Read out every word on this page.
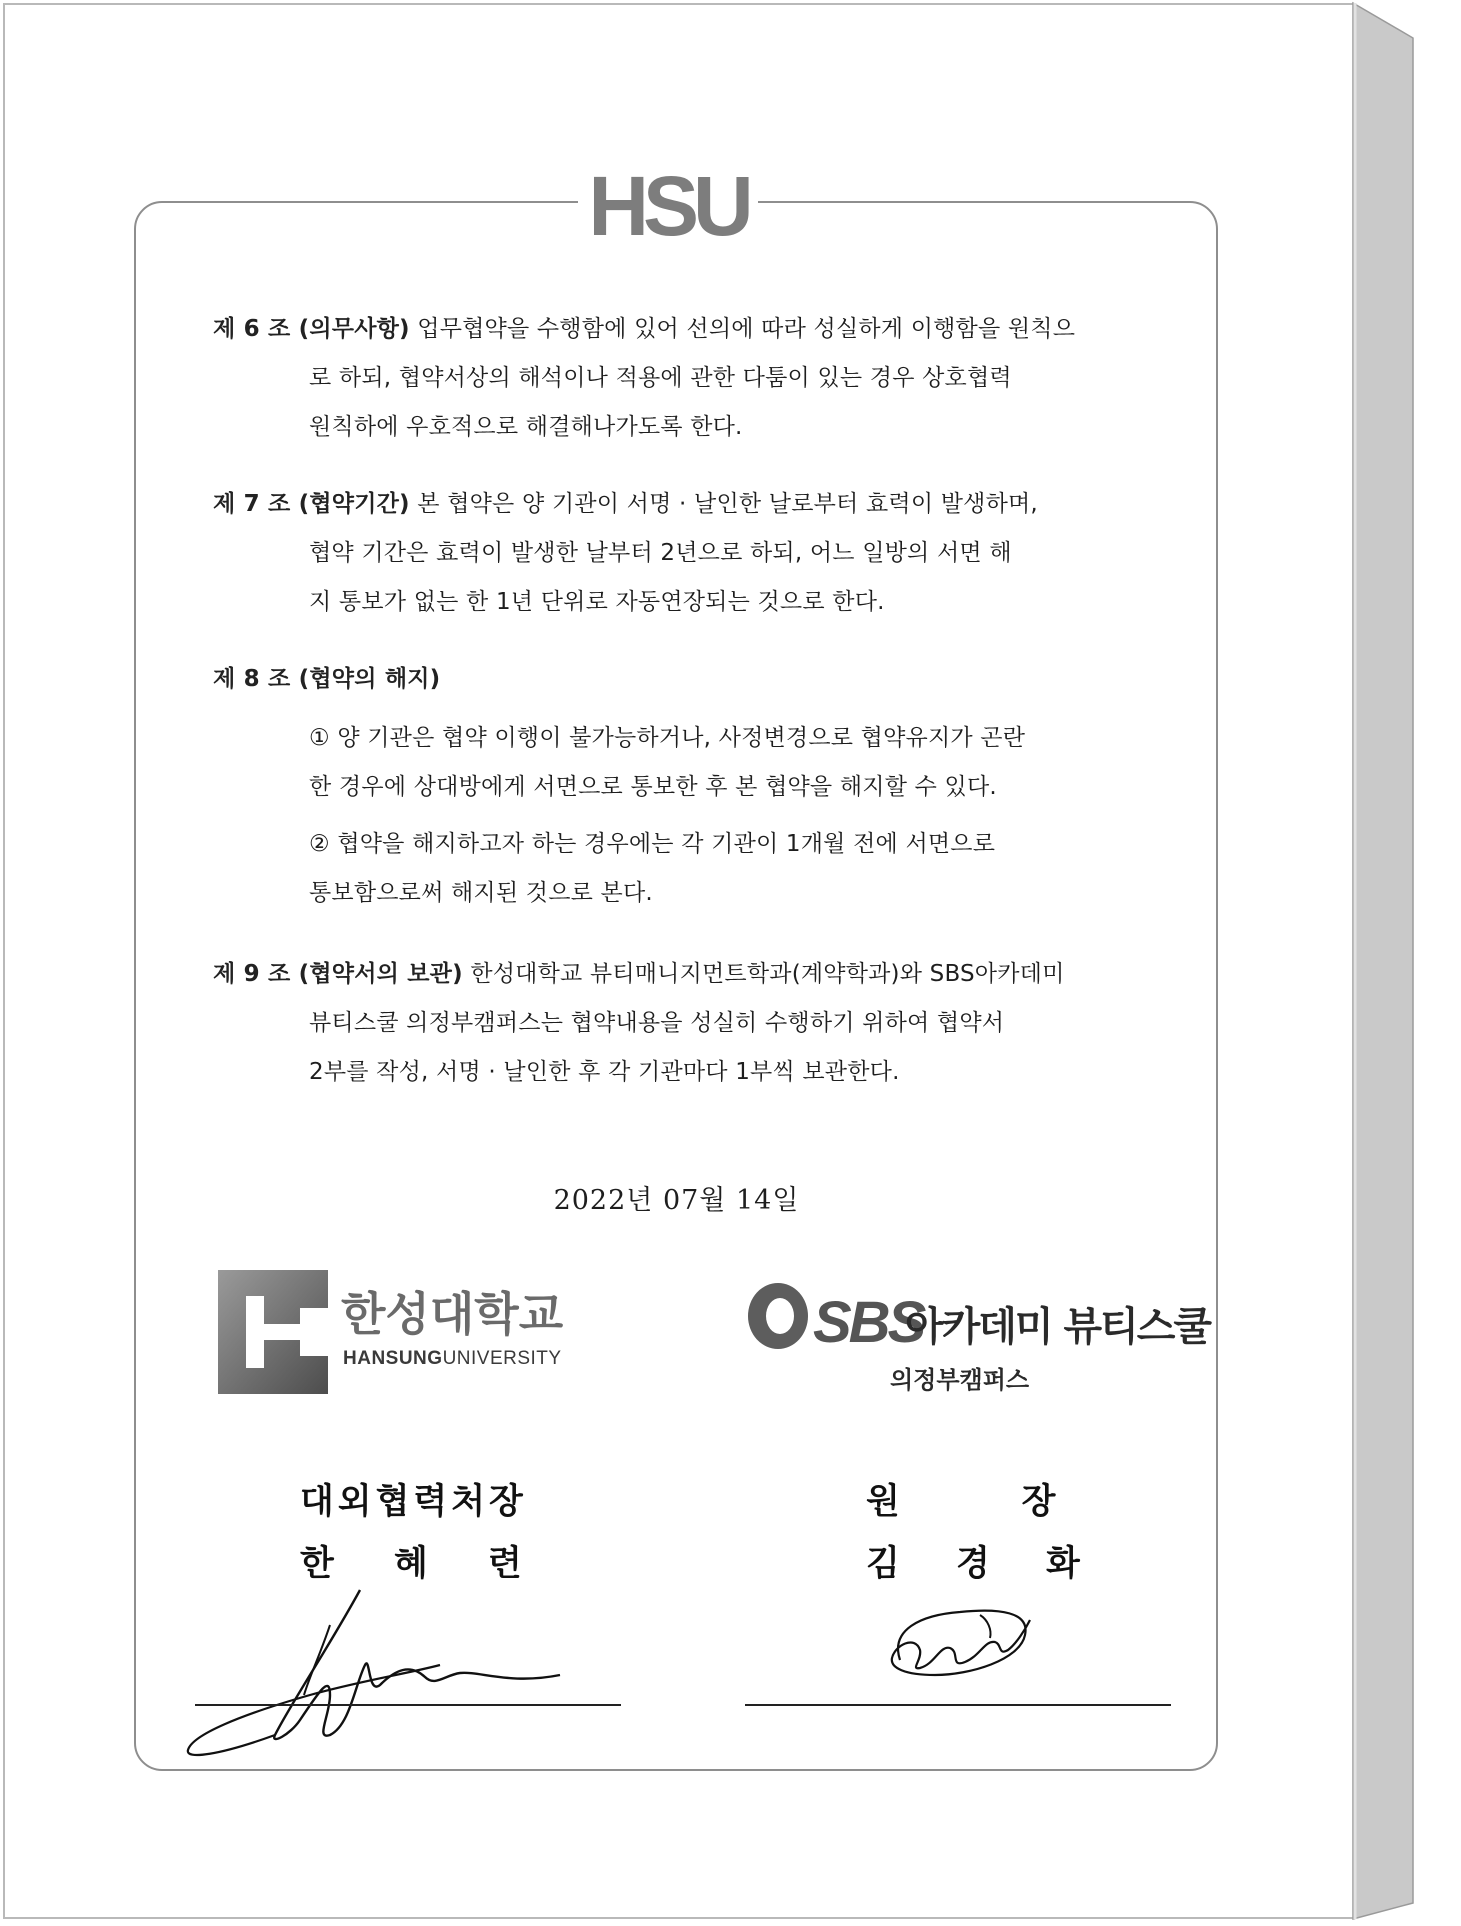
HSU
제 6 조 (의무사항) 업무협약을 수행함에 있어 선의에 따라 성실하게 이행함을 원칙으
로 하되, 협약서상의 해석이나 적용에 관한 다툼이 있는 경우 상호협력
원칙하에 우호적으로 해결해나가도록 한다.
제 7 조 (협약기간) 본 협약은 양 기관이 서명 · 날인한 날로부터 효력이 발생하며,
협약 기간은 효력이 발생한 날부터 2년으로 하되, 어느 일방의 서면 해
지 통보가 없는 한 1년 단위로 자동연장되는 것으로 한다.
제 8 조 (협약의 해지)
① 양 기관은 협약 이행이 불가능하거나, 사정변경으로 협약유지가 곤란
한 경우에 상대방에게 서면으로 통보한 후 본 협약을 해지할 수 있다.
② 협약을 해지하고자 하는 경우에는 각 기관이 1개월 전에 서면으로
통보함으로써 해지된 것으로 본다.
제 9 조 (협약서의 보관) 한성대학교 뷰티매니지먼트학과(계약학과)와 SBS아카데미
뷰티스쿨 의정부캠퍼스는 협약내용을 성실히 수행하기 위하여 협약서
2부를 작성, 서명 · 날인한 후 각 기관마다 1부씩 보관한다.
2022년 07월 14일
한성대학교
HANSUNGUNIVERSITY
SBS
아카데미 뷰티스쿨
의정부캠퍼스
대외협력처장
한 혜 련
원          장
김 경 화
